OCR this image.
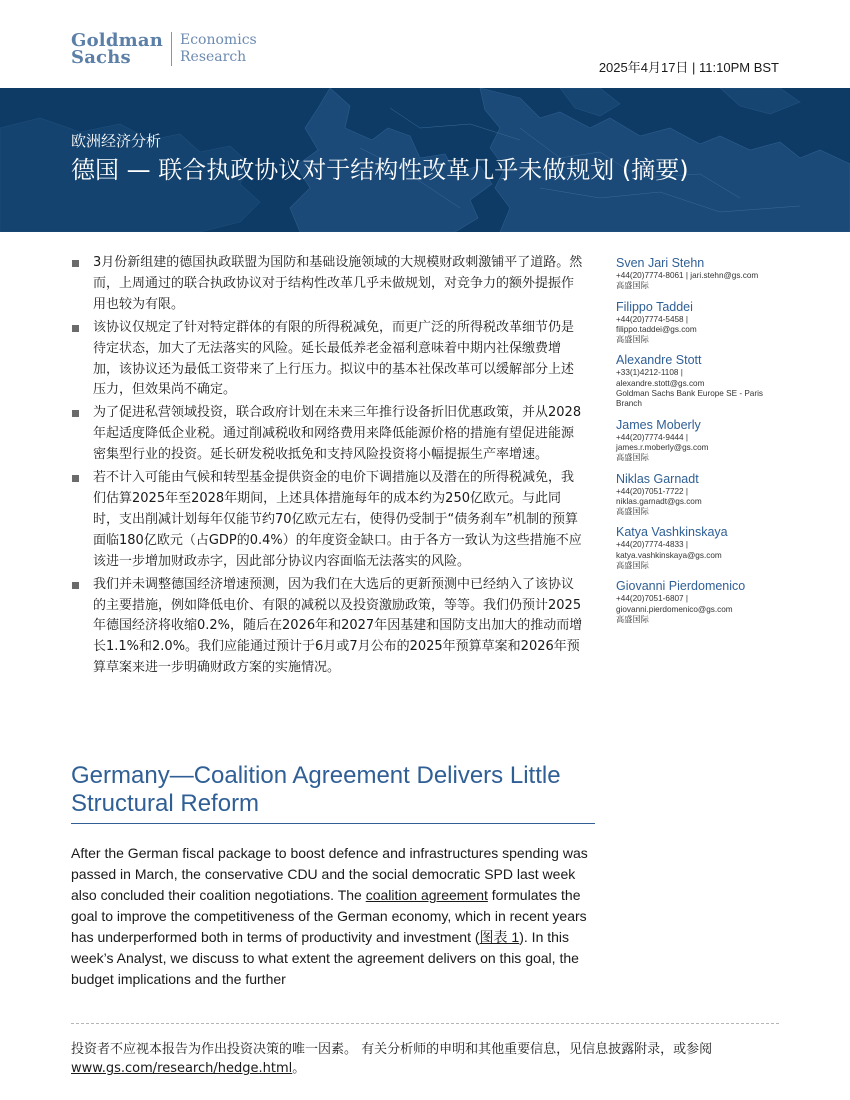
Goldman
Sachs
Economics
Research
2025年4月17日 | 11:10PM BST
欧洲经济分析
德国 — 联合执政协议对于结构性改革几乎未做规划 (摘要)
3月份新组建的德国执政联盟为国防和基础设施领域的大规模财政刺激铺平了道路。然而，上周通过的联合执政协议对于结构性改革几乎未做规划，对竞争力的额外提振作用也较为有限。
该协议仅规定了针对特定群体的有限的所得税减免，而更广泛的所得税改革细节仍是待定状态，加大了无法落实的风险。延长最低养老金福利意味着中期内社保缴费增加，该协议还为最低工资带来了上行压力。拟议中的基本社保改革可以缓解部分上述压力，但效果尚不确定。
为了促进私营领域投资，联合政府计划在未来三年推行设备折旧优惠政策，并从2028年起适度降低企业税。通过削减税收和网络费用来降低能源价格的措施有望促进能源密集型行业的投资。延长研发税收抵免和支持风险投资将小幅提振生产率增速。
若不计入可能由气候和转型基金提供资金的电价下调措施以及潜在的所得税减免，我们估算2025年至2028年期间，上述具体措施每年的成本约为250亿欧元。与此同时，支出削减计划每年仅能节约70亿欧元左右，使得仍受制于“债务刹车”机制的预算面临180亿欧元（占GDP的0.4%）的年度资金缺口。由于各方一致认为这些措施不应该进一步增加财政赤字，因此部分协议内容面临无法落实的风险。
我们并未调整德国经济增速预测，因为我们在大选后的更新预测中已经纳入了该协议的主要措施，例如降低电价、有限的减税以及投资激励政策，等等。我们仍预计2025年德国经济将收缩0.2%，随后在2026年和2027年因基建和国防支出加大的推动而增长1.1%和2.0%。我们应能通过预计于6月或7月公布的2025年预算草案和2026年预算草案来进一步明确财政方案的实施情况。
Sven Jari Stehn
+44(20)7774-8061 | jari.stehn@gs.com
高盛国际
Filippo Taddei
+44(20)7774-5458 |
filippo.taddei@gs.com
高盛国际
Alexandre Stott
+33(1)4212-1108 |
alexandre.stott@gs.com
Goldman Sachs Bank Europe SE - Paris
Branch
James Moberly
+44(20)7774-9444 |
james.r.moberly@gs.com
高盛国际
Niklas Garnadt
+44(20)7051-7722 |
niklas.garnadt@gs.com
高盛国际
Katya Vashkinskaya
+44(20)7774-4833 |
katya.vashkinskaya@gs.com
高盛国际
Giovanni Pierdomenico
+44(20)7051-6807 |
giovanni.pierdomenico@gs.com
高盛国际
Germany—Coalition Agreement Delivers Little Structural Reform
After the German fiscal package to boost defence and infrastructures spending was passed in March, the conservative CDU and the social democratic SPD last week also concluded their coalition negotiations. The coalition agreement formulates the goal to improve the competitiveness of the German economy, which in recent years has underperformed both in terms of productivity and investment (图表 1). In this week’s Analyst, we discuss to what extent the agreement delivers on this goal, the budget implications and the further
投资者不应视本报告为作出投资决策的唯一因素。 有关分析师的申明和其他重要信息，见信息披露附录，或参阅
www.gs.com/research/hedge.html。
